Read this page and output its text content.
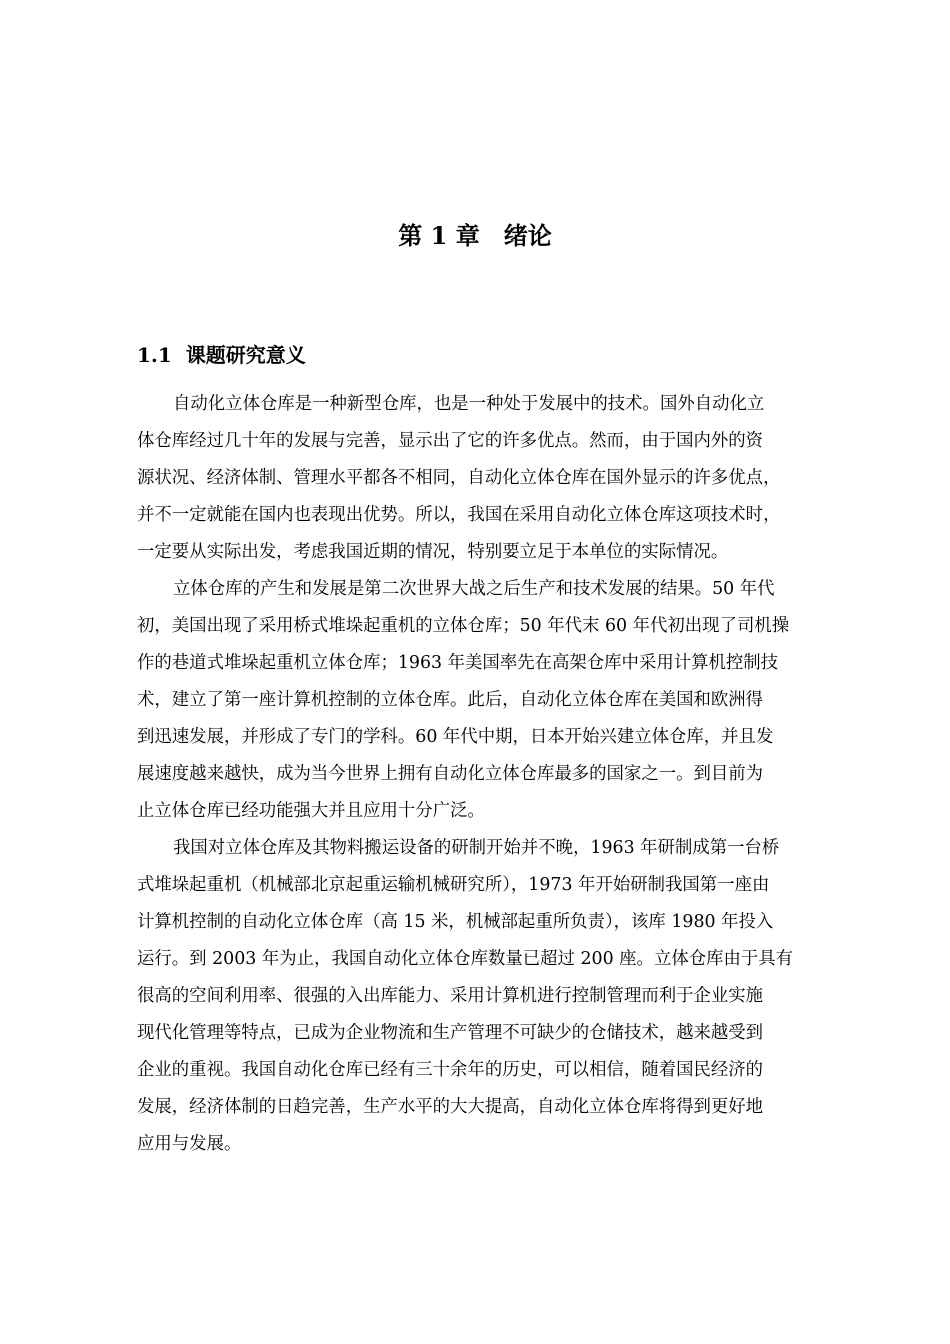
第 1 章　绪论
1.1  课题研究意义
自动化立体仓库是一种新型仓库，也是一种处于发展中的技术。国外自动化立
体仓库经过几十年的发展与完善，显示出了它的许多优点。然而，由于国内外的资
源状况、经济体制、管理水平都各不相同，自动化立体仓库在国外显示的许多优点，
并不一定就能在国内也表现出优势。所以，我国在采用自动化立体仓库这项技术时，
一定要从实际出发，考虑我国近期的情况，特别要立足于本单位的实际情况。
立体仓库的产生和发展是第二次世界大战之后生产和技术发展的结果。50 年代
初，美国出现了采用桥式堆垛起重机的立体仓库；50 年代末 60 年代初出现了司机操
作的巷道式堆垛起重机立体仓库；1963 年美国率先在高架仓库中采用计算机控制技
术，建立了第一座计算机控制的立体仓库。此后，自动化立体仓库在美国和欧洲得
到迅速发展，并形成了专门的学科。60 年代中期，日本开始兴建立体仓库，并且发
展速度越来越快，成为当今世界上拥有自动化立体仓库最多的国家之一。到目前为
止立体仓库已经功能强大并且应用十分广泛。
我国对立体仓库及其物料搬运设备的研制开始并不晚，1963 年研制成第一台桥
式堆垛起重机（机械部北京起重运输机械研究所），1973 年开始研制我国第一座由
计算机控制的自动化立体仓库（高 15 米，机械部起重所负责），该库 1980 年投入
运行。到 2003 年为止，我国自动化立体仓库数量已超过 200 座。立体仓库由于具有
很高的空间利用率、很强的入出库能力、采用计算机进行控制管理而利于企业实施
现代化管理等特点，已成为企业物流和生产管理不可缺少的仓储技术，越来越受到
企业的重视。我国自动化仓库已经有三十余年的历史，可以相信，随着国民经济的
发展，经济体制的日趋完善，生产水平的大大提高，自动化立体仓库将得到更好地
应用与发展。
